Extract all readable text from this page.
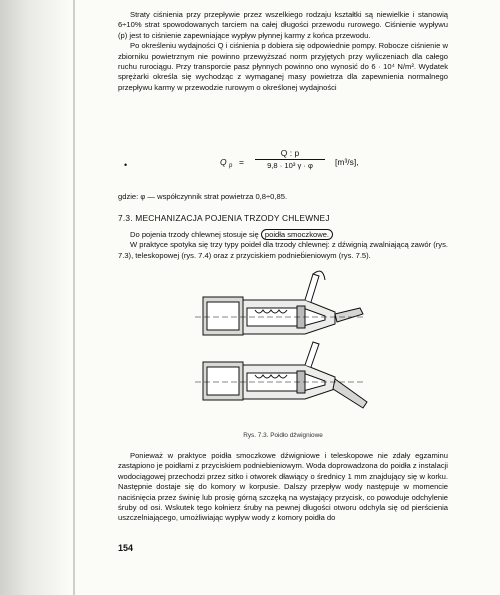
Straty ciśnienia przy przepływie przez wszelkiego rodzaju kształtki są niewielkie i stanowią 6÷10% strat spowodowanych tarciem na całej długości przewodu rurowego. Ciśnienie wypływu (p) jest to ciśnienie zapewniające wypływ płynnej karmy z końca przewodu.

Po określeniu wydajności Q i ciśnienia p dobiera się odpowiednie pompy. Robocze ciśnienie w zbiorniku powietrznym nie powinno przewyższać norm przyjętych przy wyliczeniach dla całego ruchu rurociągu. Przy transporcie pasz płynnych powinno ono wynosić do 6 · 10⁴ N/m². Wydatek sprężarki określa się wychodząc z wymaganej masy powietrza dla zapewnienia normalnego przepływu karmy w przewodzie rurowym o określonej wydajności

•	Q p =
Q : p
9,8 · 10³ γ · φ	[m³/s],
gdzie: φ — współczynnik strat powietrza 0,8÷0,85.
7.3. MECHANIZACJA POJENIA TRZODY CHLEWNEJ

Do pojenia trzody chlewnej stosuje się poidła smoczkowe.

W praktyce spotyka się trzy typy poideł dla trzody chlewnej: z dźwignią zwalniającą zawór (rys. 7.3), teleskopowej (rys. 7.4) oraz z przyciskiem podnieb́ieniowym (rys. 7.5).

Rys. 7.3. Poidło dźwigniowe

Ponieważ w praktyce poidła smoczkowe dźwigniowe i teleskopowe nie zdały egzaminu zastąpiono je poidłami z przyciskiem podniebieniowym. Woda doprowadzona do poidła z instalacji wodociągowej przechodzi przez sitko i otworek dławiący o średnicy 1 mm znajdujący się w korku. Następnie dostaje się do komory w korpusie. Dalszy przepływ wody następuje w momencie naciśnięcia przez świnię lub prosię górną szczęką na wystający przycisk, co powoduje odchylenie śruby od osi. Wskutek tego kołnierz śruby na pewnej długości otworu odchyla się od pierścienia uszczelniającego, umożliwiając wypływ wody z komory poidła do

154
